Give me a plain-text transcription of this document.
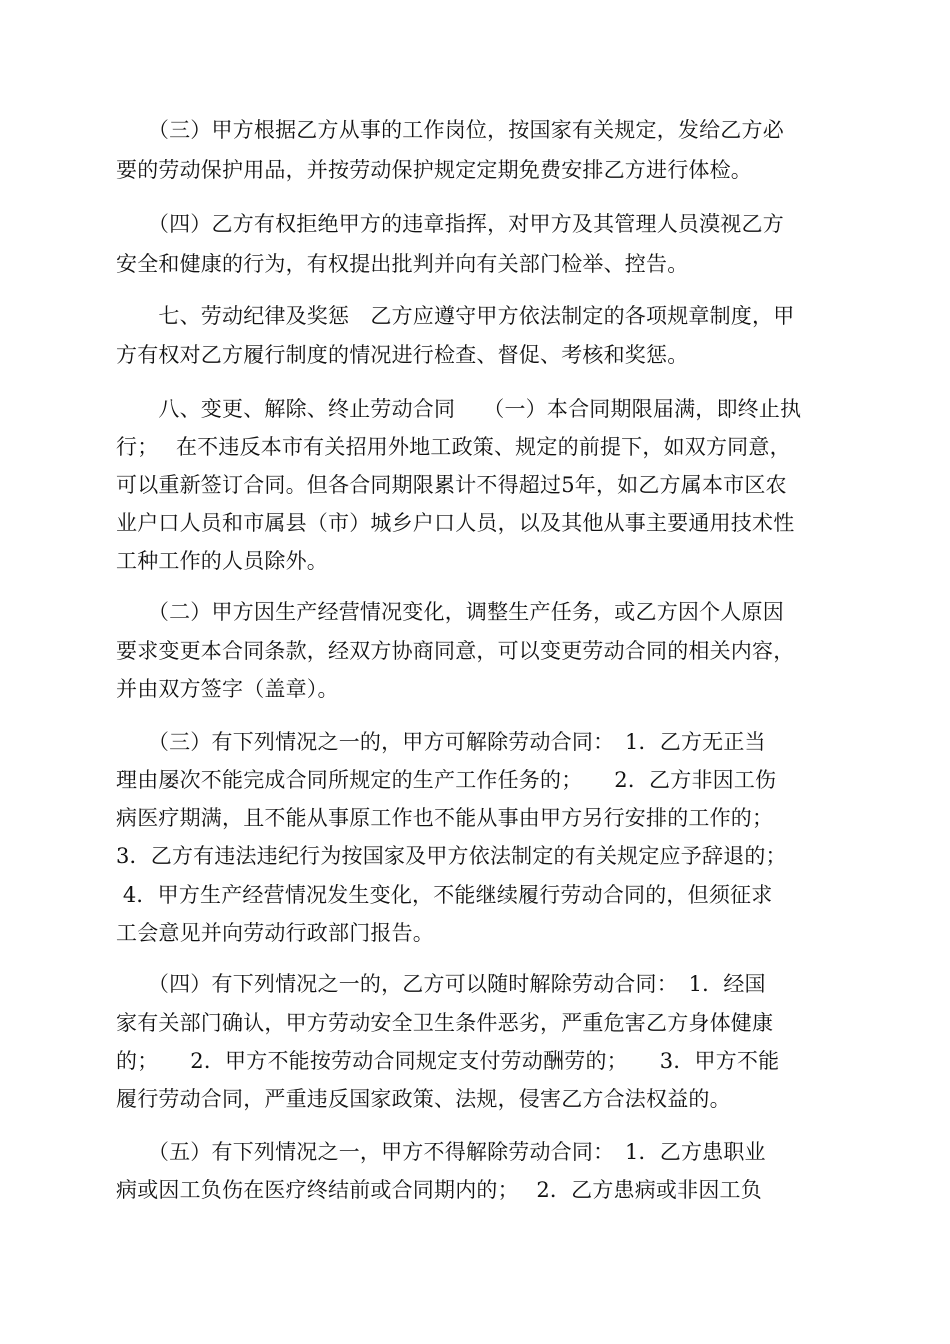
　　（三）甲方根据乙方从事的工作岗位，按国家有关规定，发给乙方必
要的劳动保护用品，并按劳动保护规定定期免费安排乙方进行体检。
　　（四）乙方有权拒绝甲方的违章指挥，对甲方及其管理人员漠视乙方
安全和健康的行为，有权提出批判并向有关部门检举、控告。
　　七、劳动纪律及奖惩　乙方应遵守甲方依法制定的各项规章制度，甲
方有权对乙方履行制度的情况进行检查、督促、考核和奖惩。
　　八、变更、解除、终止劳动合同　 （一）本合同期限届满，即终止执
行；　 在不违反本市有关招用外地工政策、规定的前提下，如双方同意，
可以重新签订合同。但各合同期限累计不得超过5年，如乙方属本市区农
业户口人员和市属县（市）城乡户口人员，以及其他从事主要通用技术性
工种工作的人员除外。
　　（二）甲方因生产经营情况变化，调整生产任务，或乙方因个人原因
要求变更本合同条款，经双方协商同意，可以变更劳动合同的相关内容，
并由双方签字（盖章）。
　　（三）有下列情况之一的，甲方可解除劳动合同：　1．乙方无正当
理由屡次不能完成合同所规定的生产工作任务的；　　2．乙方非因工伤
病医疗期满，且不能从事原工作也不能从事由甲方另行安排的工作的；
3．乙方有违法违纪行为按国家及甲方依法制定的有关规定应予辞退的；
4．甲方生产经营情况发生变化，不能继续履行劳动合同的，但须征求
工会意见并向劳动行政部门报告。
　　（四）有下列情况之一的，乙方可以随时解除劳动合同：　1．经国
家有关部门确认，甲方劳动安全卫生条件恶劣，严重危害乙方身体健康
的；　　2．甲方不能按劳动合同规定支付劳动酬劳的；　　3．甲方不能
履行劳动合同，严重违反国家政策、法规，侵害乙方合法权益的。
　　（五）有下列情况之一，甲方不得解除劳动合同：　1．乙方患职业
病或因工负伤在医疗终结前或合同期内的；　 2．乙方患病或非因工负
